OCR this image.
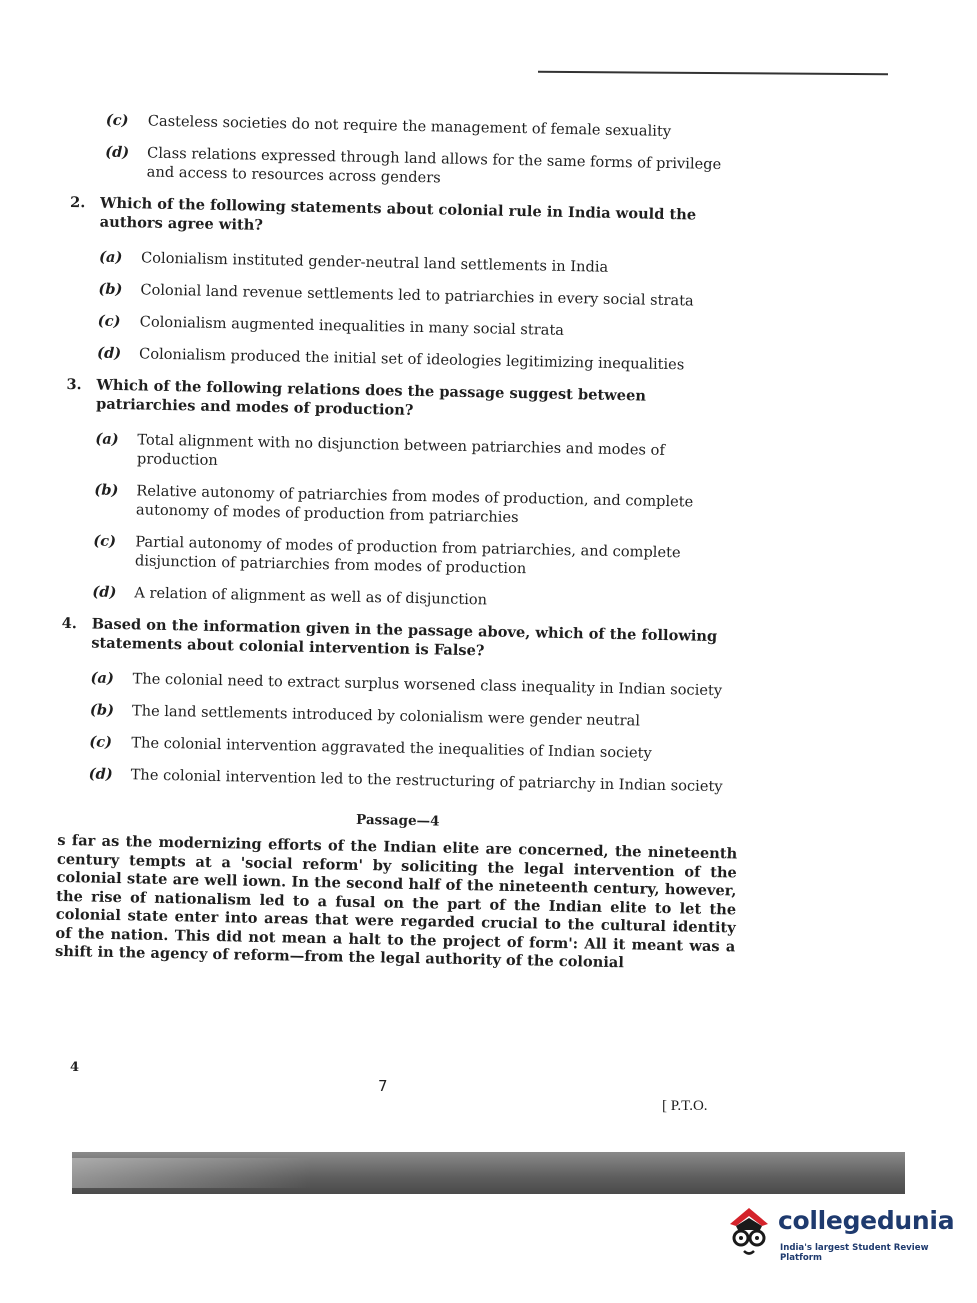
(c) Casteless societies do not require the management of female sexuality
(d) Class relations expressed through land allows for the same forms of privilege and access to resources across genders
2. Which of the following statements about colonial rule in India would the authors agree with?
(a) Colonialism instituted gender-neutral land settlements in India
(b) Colonial land revenue settlements led to patriarchies in every social strata
(c) Colonialism augmented inequalities in many social strata
(d) Colonialism produced the initial set of ideologies legitimizing inequalities
3. Which of the following relations does the passage suggest between patriarchies and modes of production?
(a) Total alignment with no disjunction between patriarchies and modes of production
(b) Relative autonomy of patriarchies from modes of production, and complete autonomy of modes of production from patriarchies
(c) Partial autonomy of modes of production from patriarchies, and complete disjunction of patriarchies from modes of production
(d) A relation of alignment as well as of disjunction
4. Based on the information given in the passage above, which of the following statements about colonial intervention is False?
(a) The colonial need to extract surplus worsened class inequality in Indian society
(b) The land settlements introduced by colonialism were gender neutral
(c) The colonial intervention aggravated the inequalities of Indian society
(d) The colonial intervention led to the restructuring of patriarchy in Indian society
Passage—4

s far as the modernizing efforts of the Indian elite are concerned, the nineteenth century tempts at a 'social reform' by soliciting the legal intervention of the colonial state are well iown. In the second half of the nineteenth century, however, the rise of nationalism led to a fusal on the part of the Indian elite to let the colonial state enter into areas that were regarded crucial to the cultural identity of the nation. This did not mean a halt to the project of form': All it meant was a shift in the agency of reform—from the legal authority of the colonial

4
7
[ P.T.O.
collegedunia
India's largest Student Review Platform
